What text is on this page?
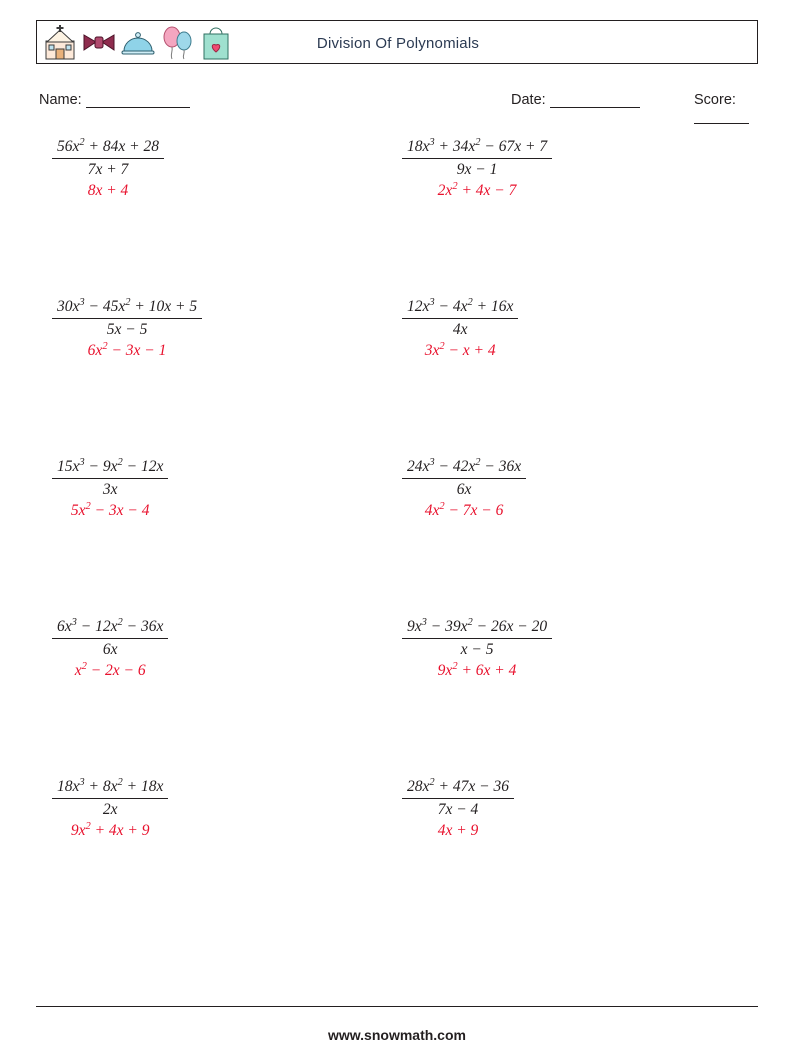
Division Of Polynomials
Name:	Date:	Score:
$56x^2 + 84x + 28$
7x + 7
8x + 4
$18x^3 + 34x^2 - 67x + 7$
9x − 1
$2x^2 + 4x - 7$
$30x^3 - 45x^2 + 10x + 5$
5x − 5
$6x^2 - 3x - 1$
$12x^3 - 4x^2 + 16x$
4x
$3x^2 - x + 4$
$15x^3 - 9x^2 - 12x$
3x
$5x^2 - 3x - 4$
$24x^3 - 42x^2 - 36x$
6x
$4x^2 - 7x - 6$
$6x^3 - 12x^2 - 36x$
6x
$x^2 - 2x - 6$
$9x^3 - 39x^2 - 26x - 20$
x − 5
$9x^2 + 6x + 4$
$18x^3 + 8x^2 + 18x$
2x
$9x^2 + 4x + 9$
$28x^2 + 47x - 36$
7x − 4
4x + 9
www.snowmath.com
